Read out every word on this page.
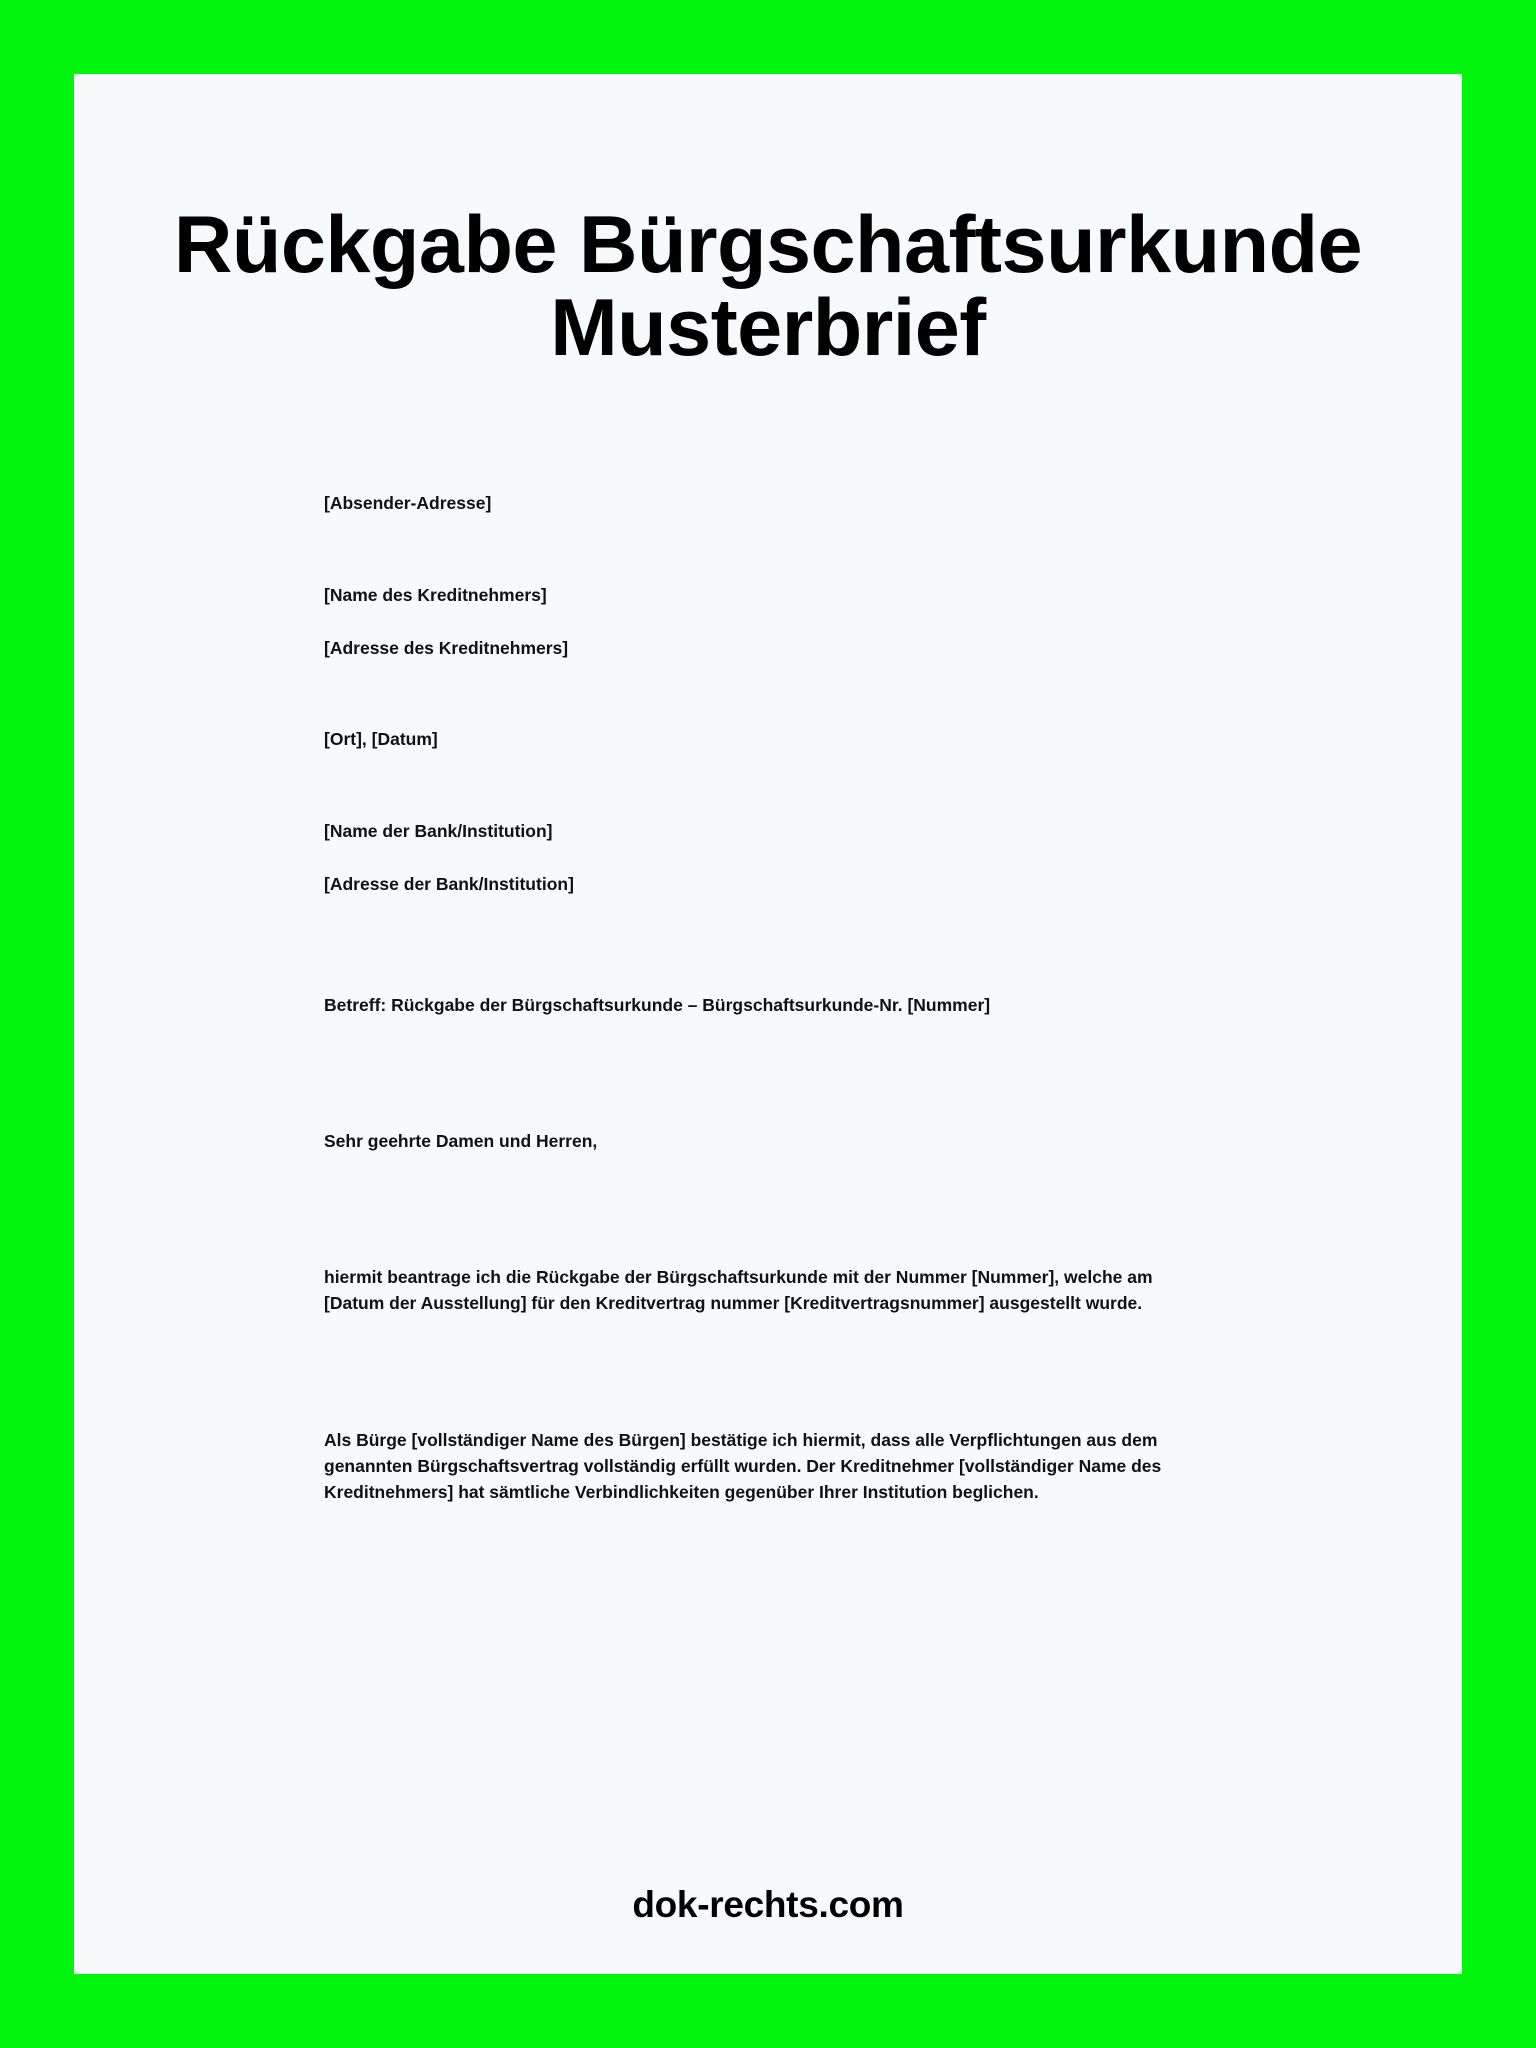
Rückgabe Bürgschaftsurkunde Musterbrief

[Absender-Adresse]

[Name des Kreditnehmers]

[Adresse des Kreditnehmers]

[Ort], [Datum]

[Name der Bank/Institution]

[Adresse der Bank/Institution]

Betreff: Rückgabe der Bürgschaftsurkunde – Bürgschaftsurkunde-Nr. [Nummer]

Sehr geehrte Damen und Herren,

hiermit beantrage ich die Rückgabe der Bürgschaftsurkunde mit der Nummer [Nummer], welche am [Datum der Ausstellung] für den Kreditvertrag nummer [Kreditvertragsnummer] ausgestellt wurde.

Als Bürge [vollständiger Name des Bürgen] bestätige ich hiermit, dass alle Verpflichtungen aus dem genannten Bürgschaftsvertrag vollständig erfüllt wurden. Der Kreditnehmer [vollständiger Name des Kreditnehmers] hat sämtliche Verbindlichkeiten gegenüber Ihrer Institution beglichen.

dok-rechts.com
